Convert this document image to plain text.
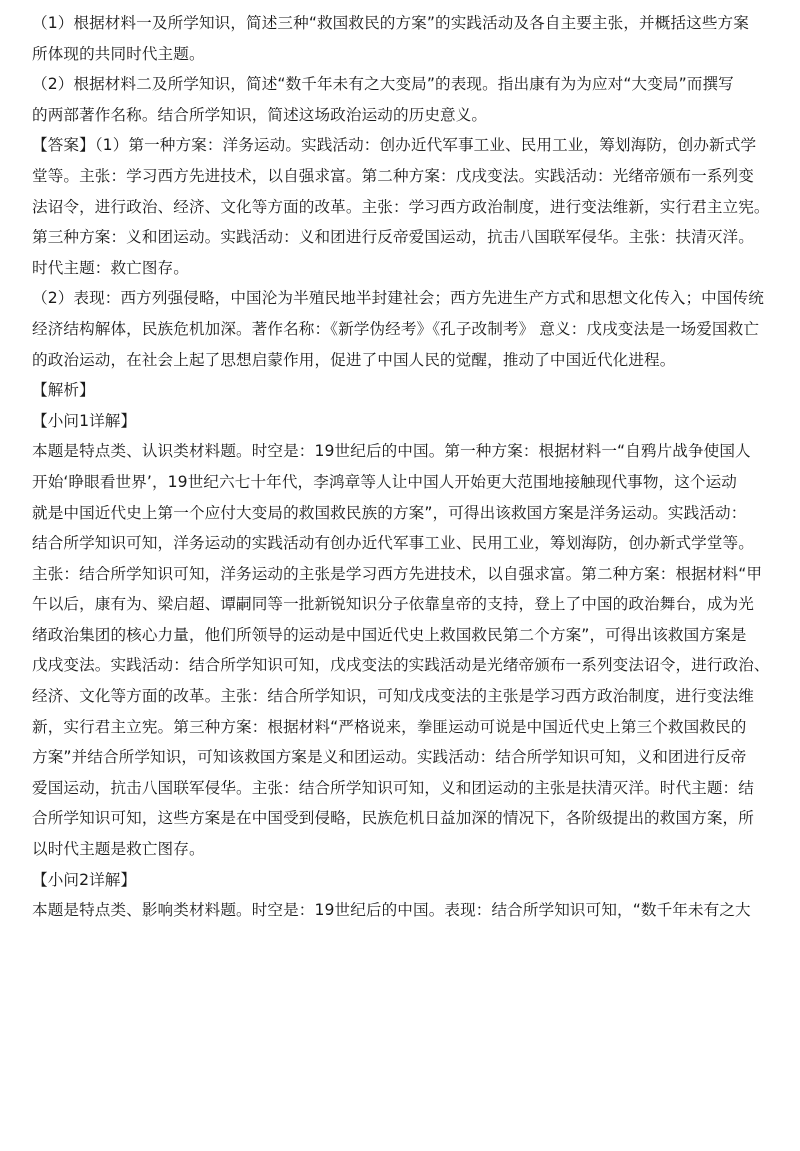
（1）根据材料一及所学知识，简述三种“救国救民的方案”的实践活动及各自主要主张，并概括这些方案
所体现的共同时代主题。
（2）根据材料二及所学知识，简述“数千年未有之大变局”的表现。指出康有为为应对“大变局”而撰写
的两部著作名称。结合所学知识，简述这场政治运动的历史意义。
【答案】（1）第一种方案：洋务运动。实践活动：创办近代军事工业、民用工业，筹划海防，创办新式学
堂等。主张：学习西方先进技术，以自强求富。第二种方案：戊戌变法。实践活动：光绪帝颁布一系列变
法诏令，进行政治、经济、文化等方面的改革。主张：学习西方政治制度，进行变法维新，实行君主立宪。
第三种方案：义和团运动。实践活动：义和团进行反帝爱国运动，抗击八国联军侵华。主张：扶清灭洋。
时代主题：救亡图存。
（2）表现：西方列强侵略，中国沦为半殖民地半封建社会；西方先进生产方式和思想文化传入；中国传统
经济结构解体，民族危机加深。著作名称：《新学伪经考》《孔子改制考》 意义：戊戌变法是一场爱国救亡
的政治运动，在社会上起了思想启蒙作用，促进了中国人民的觉醒，推动了中国近代化进程。
【解析】
【小问1详解】
本题是特点类、认识类材料题。时空是：19世纪后的中国。第一种方案：根据材料一“自鸦片战争使国人
开始‘睁眼看世界’，19世纪六七十年代，李鸿章等人让中国人开始更大范围地接触现代事物，这个运动
就是中国近代史上第一个应付大变局的救国救民族的方案”，可得出该救国方案是洋务运动。实践活动：
结合所学知识可知，洋务运动的实践活动有创办近代军事工业、民用工业，筹划海防，创办新式学堂等。
主张：结合所学知识可知，洋务运动的主张是学习西方先进技术，以自强求富。第二种方案：根据材料“甲
午以后，康有为、梁启超、谭嗣同等一批新锐知识分子依靠皇帝的支持，登上了中国的政治舞台，成为光
绪政治集团的核心力量，他们所领导的运动是中国近代史上救国救民第二个方案”，可得出该救国方案是
戊戌变法。实践活动：结合所学知识可知，戊戌变法的实践活动是光绪帝颁布一系列变法诏令，进行政治、
经济、文化等方面的改革。主张：结合所学知识，可知戊戌变法的主张是学习西方政治制度，进行变法维
新，实行君主立宪。第三种方案：根据材料“严格说来，拳匪运动可说是中国近代史上第三个救国救民的
方案”并结合所学知识，可知该救国方案是义和团运动。实践活动：结合所学知识可知，义和团进行反帝
爱国运动，抗击八国联军侵华。主张：结合所学知识可知，义和团运动的主张是扶清灭洋。时代主题：结
合所学知识可知，这些方案是在中国受到侵略，民族危机日益加深的情况下，各阶级提出的救国方案，所
以时代主题是救亡图存。
【小问2详解】
本题是特点类、影响类材料题。时空是：19世纪后的中国。表现：结合所学知识可知，“数千年未有之大
